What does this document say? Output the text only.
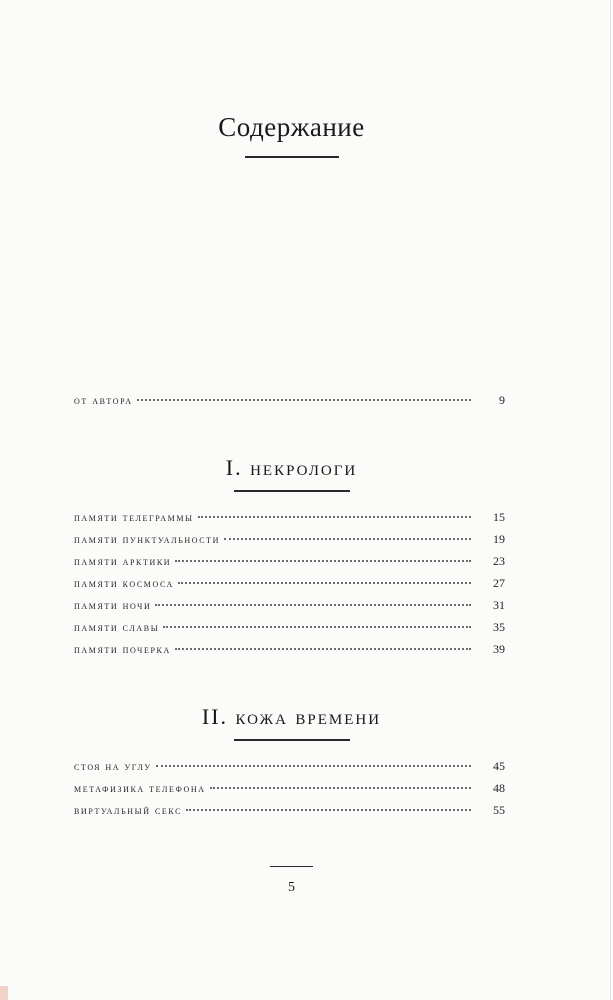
Содержание
от автора	9
I. некрологи
памяти телеграммы	15
памяти пунктуальности	19
памяти арктики	23
памяти космоса	27
памяти ночи	31
памяти славы	35
памяти почерка	39
II. кожа времени
стоя на углу	45
метафизика телефона	48
виртуальный секс	55
5
